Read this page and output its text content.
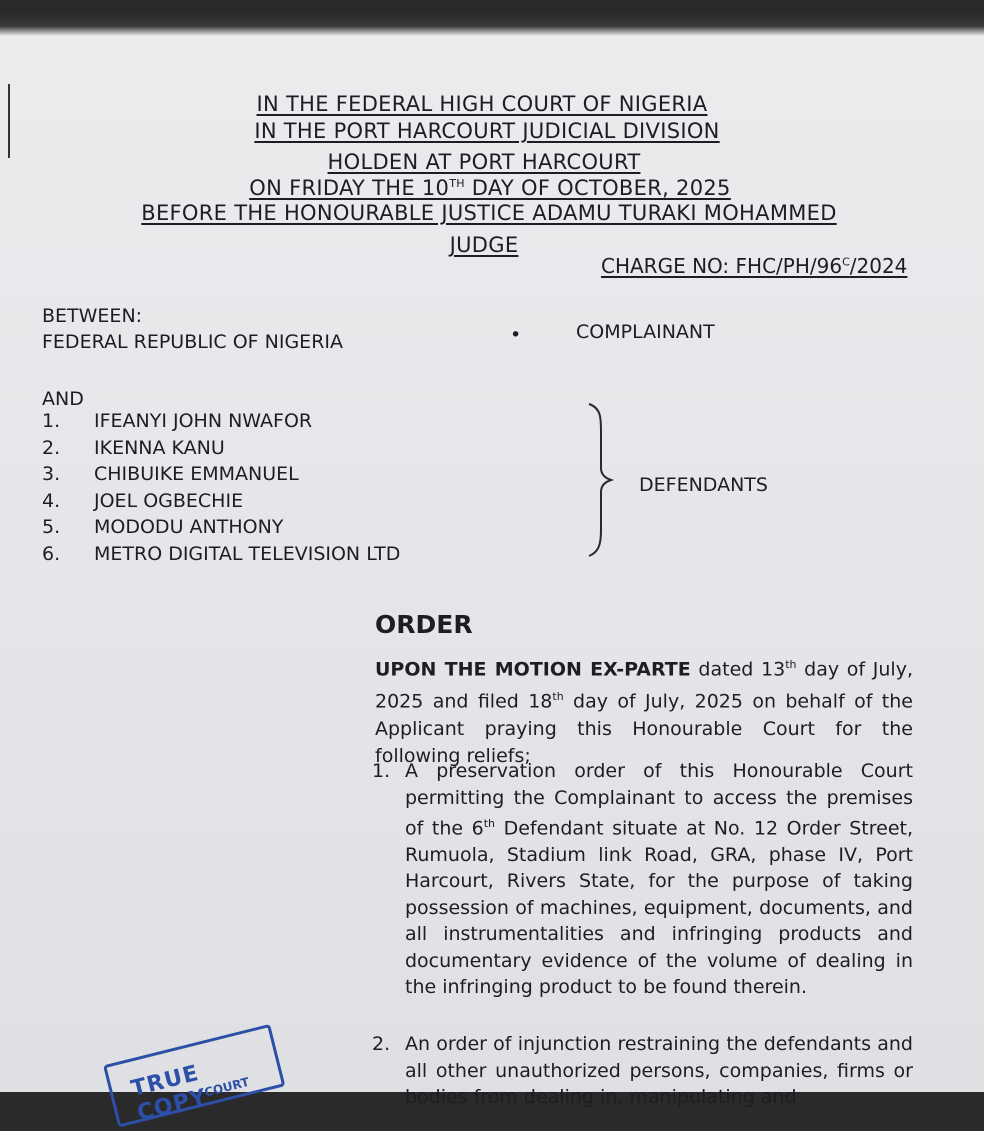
IN THE FEDERAL HIGH COURT OF NIGERIA
IN THE PORT HARCOURT JUDICIAL DIVISION
HOLDEN AT PORT HARCOURT
ON FRIDAY THE 10TH DAY OF OCTOBER, 2025
BEFORE THE HONOURABLE JUSTICE ADAMU TURAKI MOHAMMED
JUDGE
CHARGE NO: FHC/$PH/96^C/2024$
BETWEEN:
FEDERAL REPUBLIC OF NIGERIA	•	COMPLAINANT
AND
1.	IFEANYI JOHN NWAFOR
2.	IKENNA KANU
3.	CHIBUIKE EMMANUEL
4.	JOEL OGBECHIE
5.	MODODU ANTHONY
6.	METRO DIGITAL TELEVISION LTD
DEFENDANTS
ORDER
UPON THE MOTION EX-PARTE dated 13th day of July, 2025 and filed 18th day of July, 2025 on behalf of the Applicant praying this Honourable Court for the following reliefs;
1. A preservation order of this Honourable Court permitting the Complainant to access the premises of the 6th Defendant situate at No. 12 Order Street, Rumuola, Stadium link Road, GRA, phase IV, Port Harcourt, Rivers State, for the purpose of taking possession of machines, equipment, documents, and all instrumentalities and infringing products and documentary evidence of the volume of dealing in the infringing product to be found therein.
2. An order of injunction restraining the defendants and all other unauthorized persons, companies, firms or bodies from dealing in, manipulating and
TRUE COPY
COURT
